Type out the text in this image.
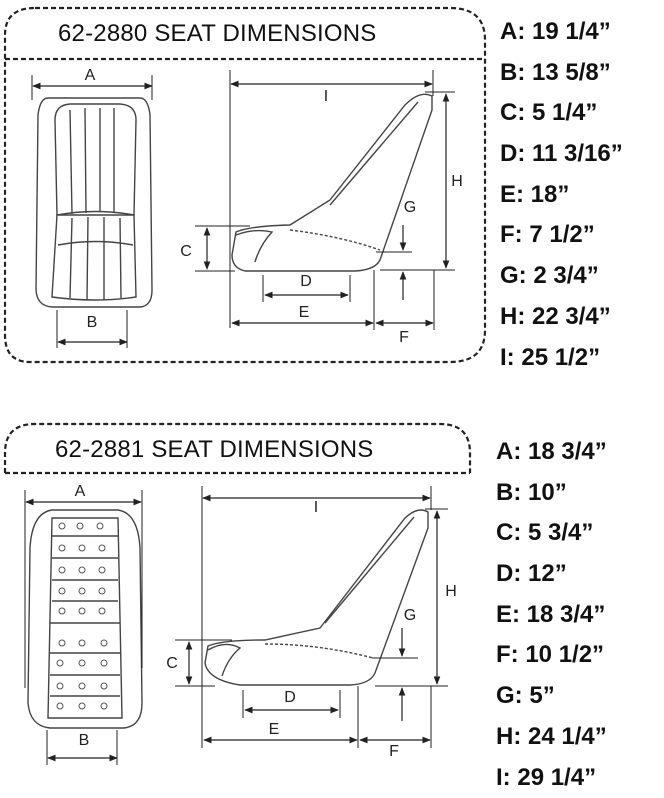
62-2880 SEAT DIMENSIONS
A
B
C
D
E
F
G
H
I
A: 19 1/4”
B: 13 5/8”
C: 5 1/4”
D: 11 3/16”
E: 18”
F: 7 1/2”
G: 2 3/4”
H: 22 3/4”
I: 25 1/2”
62-2881 SEAT DIMENSIONS
A
B
C
D
E
F
G
H
I
A: 18 3/4”
B: 10”
C: 5 3/4”
D: 12”
E: 18 3/4”
F: 10 1/2”
G: 5”
H: 24 1/4”
I: 29 1/4”
